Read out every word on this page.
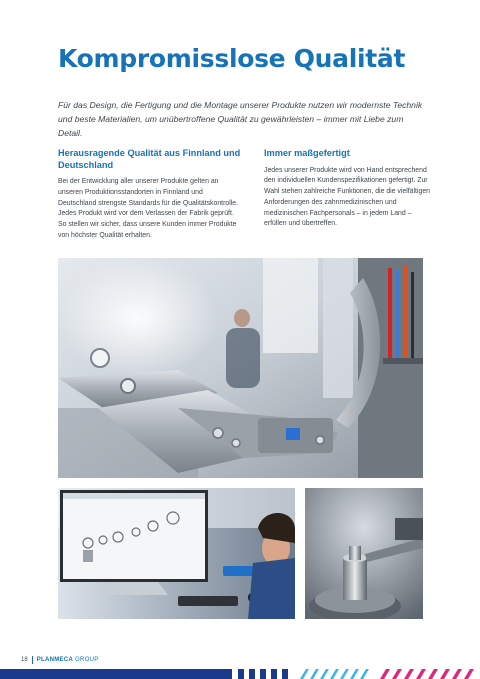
Kompromisslose Qualität

Für das Design, die Fertigung und die Montage unserer Produkte nutzen wir modernste Technik und beste Materialien, um unübertroffene Qualität zu gewährleisten – immer mit Liebe zum Detail.

Herausragende Qualität aus Finnland und Deutschland

Bei der Entwicklung aller unserer Produkte gelten an unseren Produktionsstandorten in Finnland und Deutschland strengste Standards für die Qualitätskontrolle. Jedes Produkt wird vor dem Verlassen der Fabrik geprüft. So stellen wir sicher, dass unsere Kunden immer Produkte von höchster Qualität erhalten.

Immer maßgefertigt

Jedes unserer Produkte wird von Hand entsprechend den individuellen Kundenspezifikationen gefertigt. Zur Wahl stehen zahlreiche Funktionen, die die vielfältigen Anforderungen des zahnmedizinischen und medizinischen Fachpersonals – in jedem Land – erfüllen und übertreffen.

18 PLANMECA GROUP
